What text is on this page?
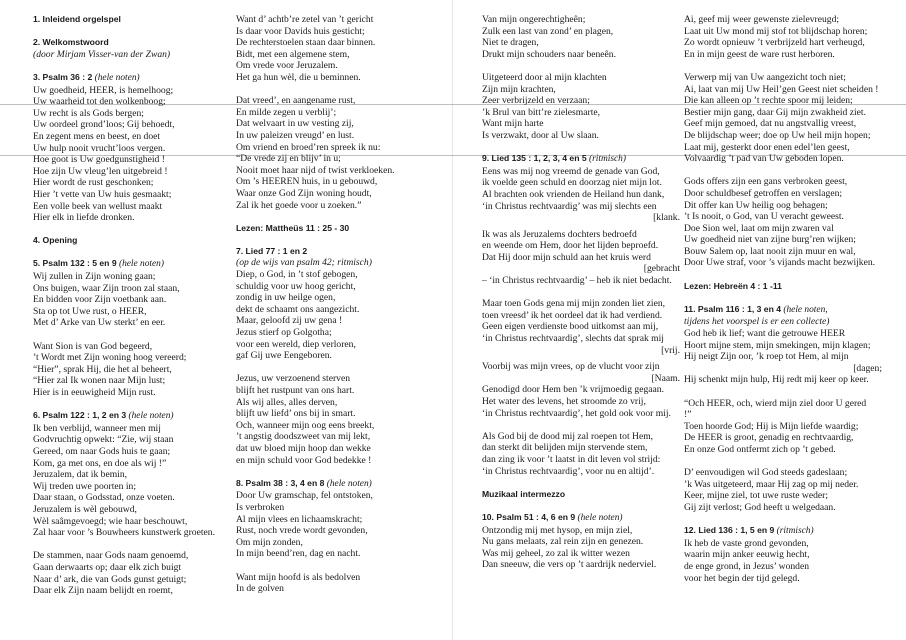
1. Inleidend orgelspel
2. Welkomstwoord
(door Mirjam Visser-van der Zwan)
3. Psalm 36 : 2 (hele noten)
Uw goedheid, HEER, is hemelhoog;
Uw waarheid tot den wolkenboog;
Uw recht is als Gods bergen;
Uw oordeel grond’loos; Gij behoedt,
En zegent mens en beest, en doet
Uw hulp nooit vrucht’loos vergen.
Hoe goot is Uw goedgunstigheid !
Hoe zijn Uw vleug’len uitgebreid !
Hier wordt de rust geschonken;
Hier ’t vette van Uw huis gesmaakt;
Een volle beek van wellust maakt
Hier elk in liefde dronken.
4. Opening
5. Psalm 132 : 5 en 9 (hele noten)
Wij zullen in Zijn woning gaan;
Ons buigen, waar Zijn troon zal staan,
En bidden voor Zijn voetbank aan.
Sta op tot Uwe rust, o HEER,
Met d’ Arke van Uw sterkt’ en eer.
Want Sion is van God begeerd,
’t Wordt met Zijn woning hoog vereerd;
“Hier”, sprak Hij, die het al beheert,
“Hier zal Ik wonen naar Mijn lust;
Hier is in eeuwigheid Mijn rust.
6. Psalm 122 : 1, 2 en 3 (hele noten)
Ik ben verblijd, wanneer men mij
Godvruchtig opwekt: “Zie, wij staan
Gereed, om naar Gods huis te gaan;
Kom, ga met ons, en doe als wij !”
Jeruzalem, dat ik bemin,
Wij treden uwe poorten in;
Daar staan, o Godsstad, onze voeten.
Jeruzalem is wèl gebouwd,
Wèl saâmgevoegd; wie haar beschouwt,
Zal haar voor ’s Bouwheers kunstwerk groeten.
De stammen, naar Gods naam genoemd,
Gaan derwaarts op; daar elk zich buigt
Naar d’ ark, die van Gods gunst getuigt;
Daar elk Zijn naam belijdt en roemt,
Want d’ achtb’re zetel van ’t gericht
Is daar voor Davids huis gesticht;
De rechterstoelen staan daar binnen.
Bidt, met een algemene stem,
Om vrede voor Jeruzalem.
Het ga hun wèl, die u beminnen.
Dat vreed’, en aangename rust,
En milde zegen u verblij’;
Dat welvaart in uw vesting zij,
In uw paleizen vreugd’ en lust.
Om vriend en broed’ren spreek ik nu:
“De vrede zij en blijv’ in u;
Nooit moet haar nijd of twist verkloeken.
Om ’s HEEREN huis, in u gebouwd,
Waar onze God Zijn woning houdt,
Zal ik het goede voor u zoeken.”
Lezen: Mattheüs 11 : 25 - 30
7. Lied 77 : 1 en 2
(op de wijs van psalm 42; ritmisch)
Diep, o God, in ’t stof gebogen,
schuldig voor uw hoog gericht,
zondig in uw heilge ogen,
dekt de schaamt ons aangezicht.
Maar, geloofd zij uw gena !
Jezus stierf op Golgotha;
voor een wereld, diep verloren,
gaf Gij uwe Eengeboren.
Jezus, uw verzoenend sterven
blijft het rustpunt van ons hart.
Als wij alles, alles derven,
blijft uw liefd’ ons bij in smart.
Och, wanneer mijn oog eens breekt,
’t angstig doodszweet van mij lekt,
dat uw bloed mijn hoop dan wekke
en mijn schuld voor God bedekke !
8. Psalm 38 : 3, 4 en 8 (hele noten)
Door Uw gramschap, fel ontstoken,
Is verbroken
Al mijn vlees en lichaamskracht;
Rust, noch vrede wordt gevonden,
Om mijn zonden,
In mijn beend’ren, dag en nacht.
Want mijn hoofd is als bedolven
In de golven
Van mijn ongerechtigheên;
Zulk een last van zond’ en plagen,
Niet te dragen,
Drukt mijn schouders naar beneên.
Uitgeteerd door al mijn klachten
Zijn mijn krachten,
Zeer verbrijzeld en verzaan;
’k Brul van bitt’re zielesmarte,
Want mijn harte
Is verzwakt, door al Uw slaan.
9. Lied 135 : 1, 2, 3, 4 en 5 (ritmisch)
Eens was mij nog vreemd de genade van God,
ik voelde geen schuld en doorzag niet mijn lot.
Al brachten ook vrienden de Heiland hun dank,
‘in Christus rechtvaardig’ was mij slechts een
[klank.
Ik was als Jeruzalems dochters bedroefd
en weende om Hem, door het lijden beproefd.
Dat Hij door mijn schuld aan het kruis werd
[gebracht
– ‘in Christus rechtvaardig’ – heb ik niet bedacht.
Maar toen Gods gena mij mijn zonden liet zien,
toen vreesd’ ik het oordeel dat ik had verdiend.
Geen eigen verdienste bood uitkomst aan mij,
‘in Christus rechtvaardig’, slechts dat sprak mij
[vrij.
Voorbij was mijn vrees, op de vlucht voor zijn
[Naam.
Genodigd door Hem ben ’k vrijmoedig gegaan.
Het water des levens, het stroomde zo vrij,
‘in Christus rechtvaardig’, het gold ook voor mij.
Als God bij de dood mij zal roepen tot Hem,
dan sterkt dit belijden mijn stervende stem,
dan zing ik voor ’t laatst in dit leven vol strijd:
‘in Christus rechtvaardig’, voor nu en altijd’.
Muzikaal intermezzo
10. Psalm 51 : 4, 6 en 9 (hele noten)
Ontzondig mij met hysop, en mijn ziel,
Nu gans melaats, zal rein zijn en genezen.
Was mij geheel, zo zal ik witter wezen
Dan sneeuw, die vers op ’t aardrijk nederviel.
Ai, geef mij weer gewenste zielevreugd;
Laat uit Uw mond mij stof tot blijdschap horen;
Zo wordt opnieuw ’t verbrijzeld hart verheugd,
En in mijn geest de ware rust herboren.
Verwerp mij van Uw aangezicht toch niet;
Ai, laat van mij Uw Heil’gen Geest niet scheiden !
Die kan alleen op ’t rechte spoor mij leiden;
Bestier mijn gang, daar Gij mijn zwakheid ziet.
Geef mijn gemoed, dat nu angstvallig vreest,
De blijdschap weer; doe op Uw heil mijn hopen;
Laat mij, gesterkt door enen edel’len geest,
Volvaardig ’t pad van Uw geboden lopen.
Gods offers zijn een gans verbroken geest,
Door schuldbesef getroffen en verslagen;
Dit offer kan Uw heilig oog behagen;
’t Is nooit, o God, van U veracht geweest.
Doe Sion wel, laat om mijn zwaren val
Uw goedheid niet van zijne burg’ren wijken;
Bouw Salem op, laat nooit zijn muur en wal,
Door Uwe straf, voor ’s vijands macht bezwijken.
Lezen: Hebreën 4 : 1 -11
11. Psalm 116 : 1, 3 en 4 (hele noten,
tijdens het voorspel is er een collecte)
God heb ik lief; want die getrouwe HEER
Hoort mijne stem, mijn smekingen, mijn klagen;
Hij neigt Zijn oor, ’k roep tot Hem, al mijn
[dagen;
Hij schenkt mijn hulp, Hij redt mij keer op keer.
“Och HEER, och, wierd mijn ziel door U gered
!”
Toen hoorde God; Hij is Mijn liefde waardig;
De HEER is groot, genadig en rechtvaardig,
En onze God ontfermt zich op ’t gebed.
D’ eenvoudigen wil God steeds gadeslaan;
’k Was uitgeteerd, maar Hij zag op mij neder.
Keer, mijne ziel, tot uwe ruste weder;
Gij zijt verlost; God heeft u welgedaan.
12. Lied 136 : 1, 5 en 9 (ritmisch)
Ik heb de vaste grond gevonden,
waarin mijn anker eeuwig hecht,
de enge grond, in Jezus’ wonden
voor het begin der tijd gelegd.
